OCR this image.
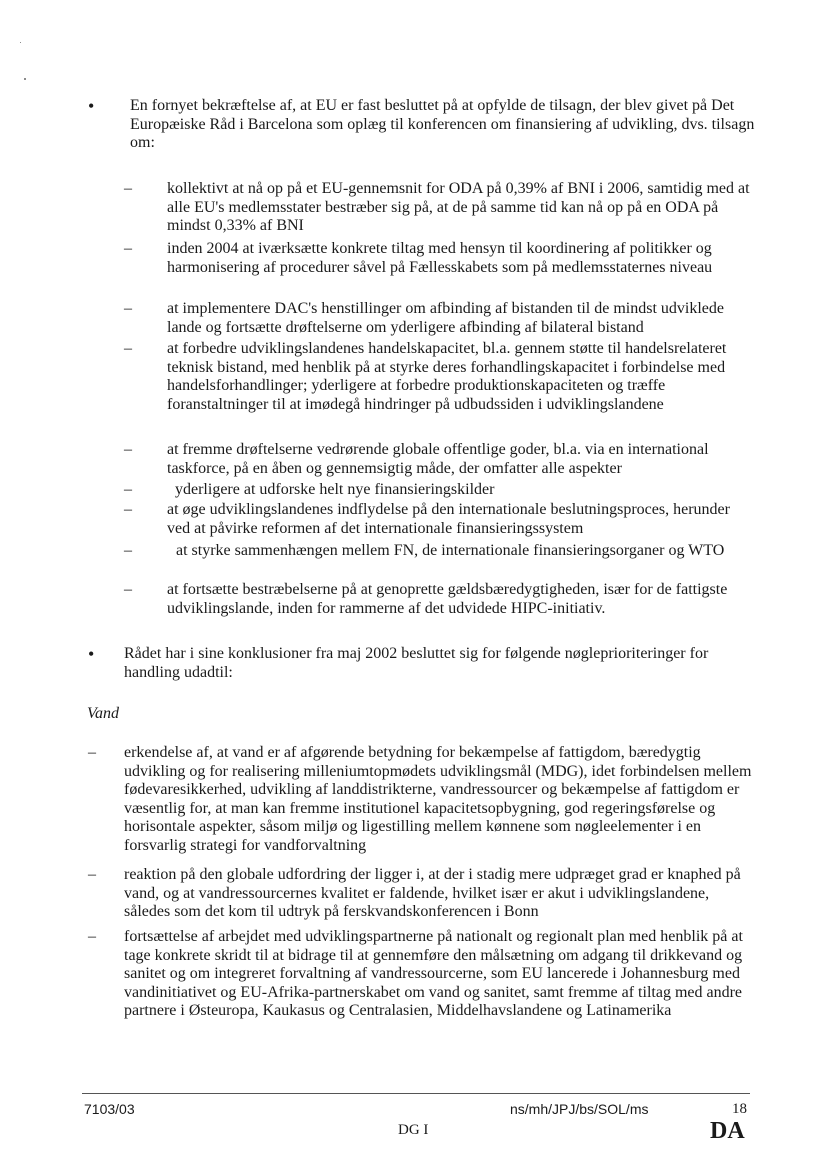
• En fornyet bekræftelse af, at EU er fast besluttet på at opfylde de tilsagn, der blev givet på Det Europæiske Råd i Barcelona som oplæg til konferencen om finansiering af udvikling, dvs. tilsagn om:
– kollektivt at nå op på et EU-gennemsnit for ODA på 0,39% af BNI i 2006, samtidig med at alle EU's medlemsstater bestræber sig på, at de på samme tid kan nå op på en ODA på mindst 0,33% af BNI
– inden 2004 at iværksætte konkrete tiltag med hensyn til koordinering af politikker og harmonisering af procedurer såvel på Fællesskabets som på medlemsstaternes niveau
– at implementere DAC's henstillinger om afbinding af bistanden til de mindst udviklede lande og fortsætte drøftelserne om yderligere afbinding af bilateral bistand
– at forbedre udviklingslandenes handelskapacitet, bl.a. gennem støtte til handelsrelateret teknisk bistand, med henblik på at styrke deres forhandlingskapacitet i forbindelse med handelsforhandlinger; yderligere at forbedre produktionskapaciteten og træffe foranstaltninger til at imødegå hindringer på udbudssiden i udviklingslandene
– at fremme drøftelserne vedrørende globale offentlige goder, bl.a. via en international taskforce, på en åben og gennemsigtig måde, der omfatter alle aspekter
–	yderligere at udforske helt nye finansieringskilder
– at øge udviklingslandenes indflydelse på den internationale beslutningsproces, herunder ved at påvirke reformen af det internationale finansieringssystem
–	at styrke sammenhængen mellem FN, de internationale finansieringsorganer og WTO
– at fortsætte bestræbelserne på at genoprette gældsbæredygtigheden, især for de fattigste udviklingslande, inden for rammerne af det udvidede HIPC-initiativ.
• Rådet har i sine konklusioner fra maj 2002 besluttet sig for følgende nøgleprioriteringer for handling udadtil:
Vand
– erkendelse af, at vand er af afgørende betydning for bekæmpelse af fattigdom, bæredygtig udvikling og for realisering milleniumtopmødets udviklingsmål (MDG), idet forbindelsen mellem fødevaresikkerhed, udvikling af landdistrikterne, vandressourcer og bekæmpelse af fattigdom er væsentlig for, at man kan fremme institutionel kapacitetsopbygning, god regeringsførelse og horisontale aspekter, såsom miljø og ligestilling mellem kønnene som nøgleelementer i en forsvarlig strategi for vandforvaltning
– reaktion på den globale udfordring der ligger i, at der i stadig mere udpræget grad er knaphed på vand, og at vandressourcernes kvalitet er faldende, hvilket især er akut i udviklingslandene, således som det kom til udtryk på ferskvandskonferencen i Bonn
– fortsættelse af arbejdet med udviklingspartnerne på nationalt og regionalt plan med henblik på at tage konkrete skridt til at bidrage til at gennemføre den målsætning om adgang til drikkevand og sanitet og om integreret forvaltning af vandressourcerne, som EU lancerede i Johannesburg med vandinitiativet og EU-Afrika-partnerskabet om vand og sanitet, samt fremme af tiltag med andre partnere i Østeuropa, Kaukasus og Centralasien, Middelhavslandene og Latinamerika
7103/03	ns/mh/JPJ/bs/SOL/ms	18
DG I	DA
